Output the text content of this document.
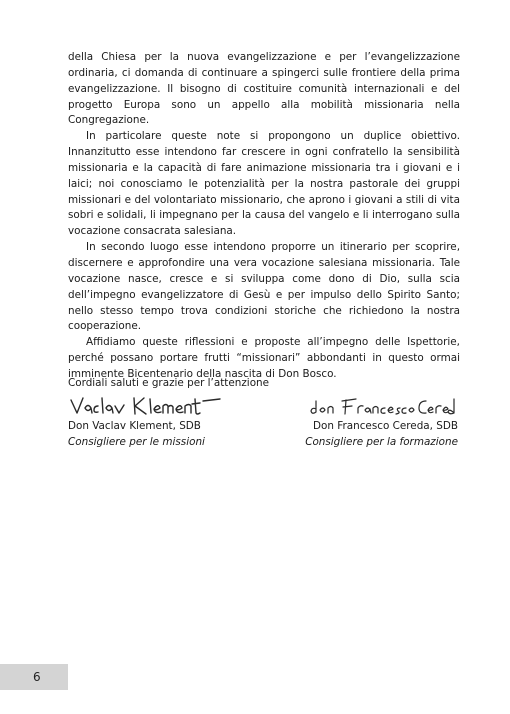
della Chiesa per la nuova evangelizzazione e per l’evangelizzazione ordinaria, ci domanda di continuare a spingerci sulle frontiere della prima evangelizzazione. Il bisogno di costituire comunità internazionali e del progetto Europa sono un appello alla mobilità missionaria nella Congregazione.

In particolare queste note si propongono un duplice obiettivo. Innanzitutto esse intendono far crescere in ogni confratello la sensibilità missionaria e la capacità di fare animazione missionaria tra i giovani e i laici; noi conosciamo le potenzialità per la nostra pastorale dei gruppi missionari e del volontariato missionario, che aprono i giovani a stili di vita sobri e solidali, li impegnano per la causa del vangelo e li interrogano sulla vocazione consacrata salesiana.

In secondo luogo esse intendono proporre un itinerario per scoprire, discernere e approfondire una vera vocazione salesiana missionaria. Tale vocazione nasce, cresce e si sviluppa come dono di Dio, sulla scia dell’impegno evangelizzatore di Gesù e per impulso dello Spirito Santo; nello stesso tempo trova condizioni storiche che richiedono la nostra cooperazione.

Affidiamo queste riflessioni e proposte all’impegno delle Ispettorie, perché possano portare frutti “missionari” abbondanti in questo ormai imminente Bicentenario della nascita di Don Bosco.

Cordiali saluti e grazie per l’attenzione
Don Vaclav Klement, SDB
Consigliere per le missioni
Don Francesco Cereda, SDB
Consigliere per la formazione
6
